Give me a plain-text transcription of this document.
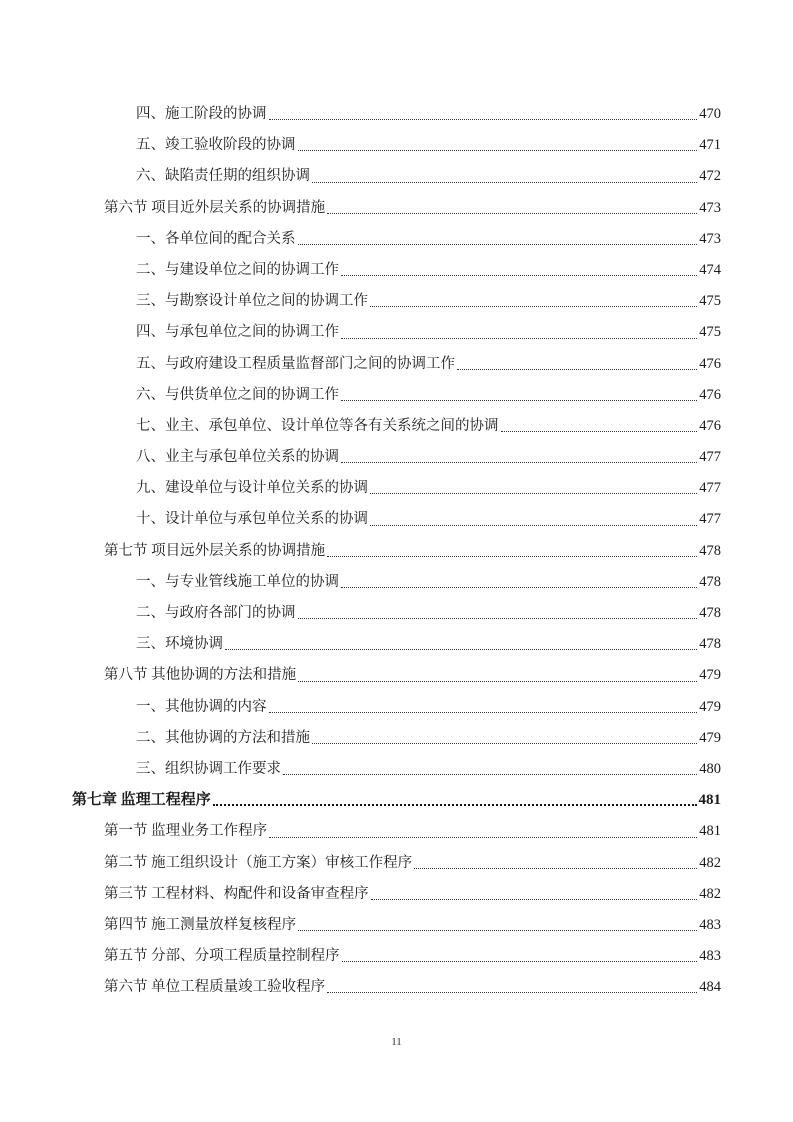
四、施工阶段的协调	470
五、竣工验收阶段的协调	471
六、缺陷责任期的组织协调	472
第六节 项目近外层关系的协调措施	473
一、各单位间的配合关系	473
二、与建设单位之间的协调工作	474
三、与勘察设计单位之间的协调工作	475
四、与承包单位之间的协调工作	475
五、与政府建设工程质量监督部门之间的协调工作	476
六、与供货单位之间的协调工作	476
七、业主、承包单位、设计单位等各有关系统之间的协调	476
八、业主与承包单位关系的协调	477
九、建设单位与设计单位关系的协调	477
十、设计单位与承包单位关系的协调	477
第七节 项目远外层关系的协调措施	478
一、与专业管线施工单位的协调	478
二、与政府各部门的协调	478
三、环境协调	478
第八节 其他协调的方法和措施	479
一、其他协调的内容	479
二、其他协调的方法和措施	479
三、组织协调工作要求	480
第七章 监理工程程序	481
第一节 监理业务工作程序	481
第二节 施工组织设计（施工方案）审核工作程序	482
第三节 工程材料、构配件和设备审查程序	482
第四节 施工测量放样复核程序	483
第五节 分部、分项工程质量控制程序	483
第六节 单位工程质量竣工验收程序	484
11
